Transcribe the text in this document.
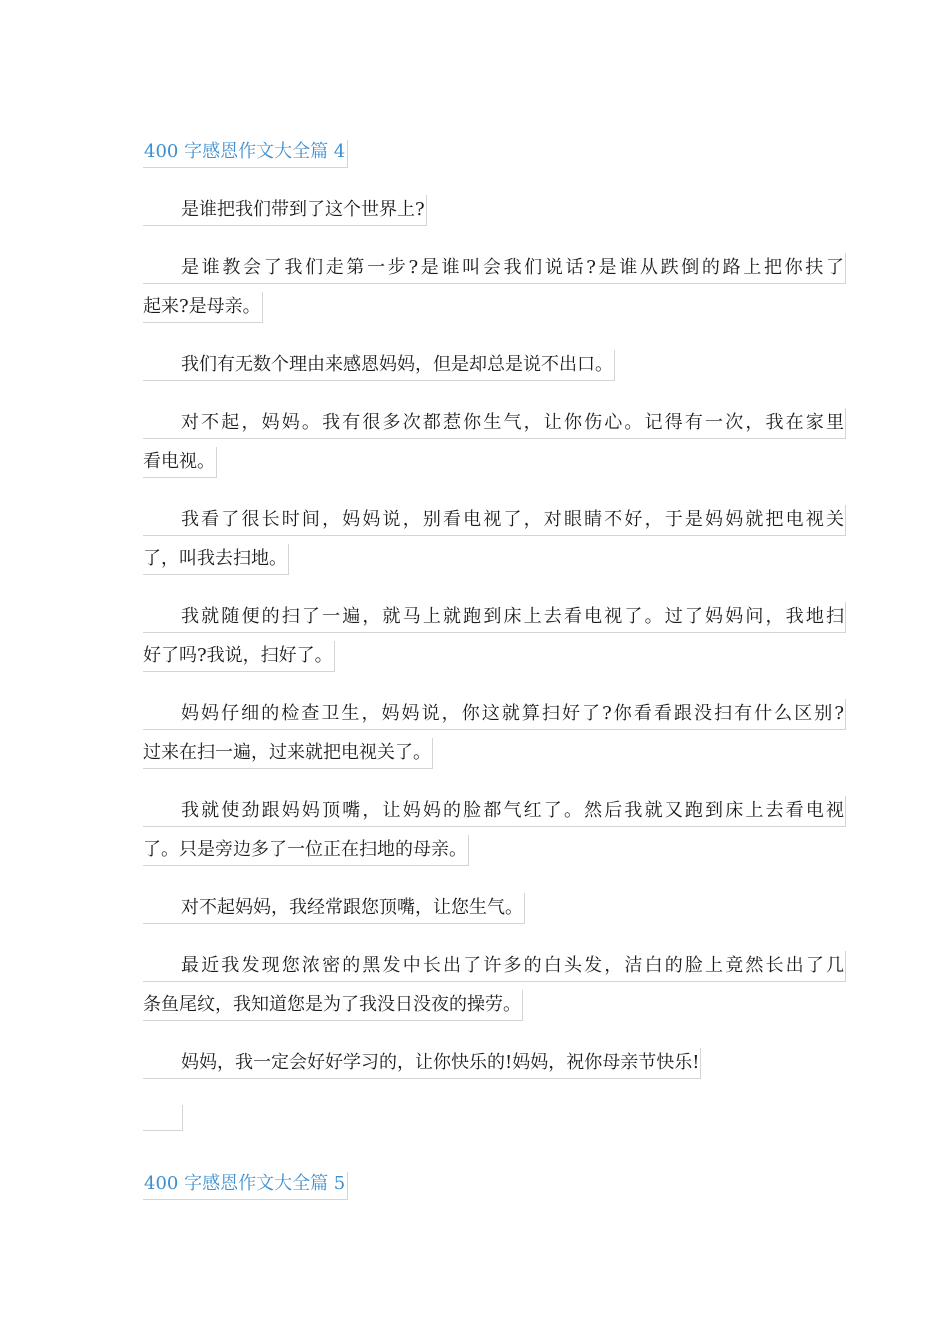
400 字感恩作文大全篇 4
是谁把我们带到了这个世界上?
是谁教会了我们走第一步?是谁叫会我们说话?是谁从跌倒的路上把你扶了
起来?是母亲。
我们有无数个理由来感恩妈妈，但是却总是说不出口。
对不起，妈妈。我有很多次都惹你生气，让你伤心。记得有一次，我在家里
看电视。
我看了很长时间，妈妈说，别看电视了，对眼睛不好，于是妈妈就把电视关
了，叫我去扫地。
我就随便的扫了一遍，就马上就跑到床上去看电视了。过了妈妈问，我地扫
好了吗?我说，扫好了。
妈妈仔细的检查卫生，妈妈说，你这就算扫好了?你看看跟没扫有什么区别?
过来在扫一遍，过来就把电视关了。
我就使劲跟妈妈顶嘴，让妈妈的脸都气红了。然后我就又跑到床上去看电视
了。只是旁边多了一位正在扫地的母亲。
对不起妈妈，我经常跟您顶嘴，让您生气。
最近我发现您浓密的黑发中长出了许多的白头发，洁白的脸上竟然长出了几
条鱼尾纹，我知道您是为了我没日没夜的操劳。
妈妈，我一定会好好学习的，让你快乐的!妈妈，祝你母亲节快乐!
400 字感恩作文大全篇 5
